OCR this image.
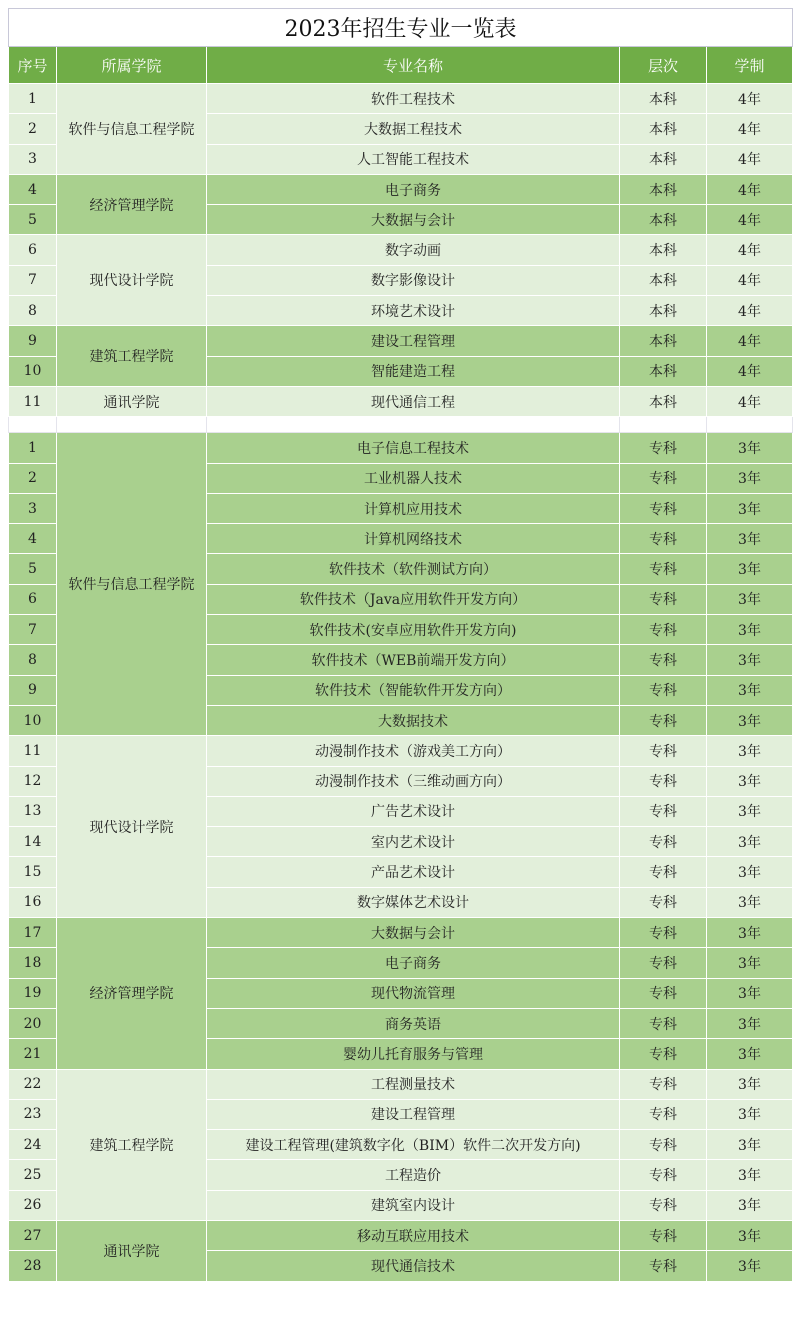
2023年招生专业一览表				
序号	所属学院	专业名称	层次	学制
1	软件与信息工程学院	软件工程技术	本科	4年
2		大数据工程技术	本科	4年
3		人工智能工程技术	本科	4年
4	经济管理学院	电子商务	本科	4年
5		大数据与会计	本科	4年
6	现代设计学院	数字动画	本科	4年
7		数字影像设计	本科	4年
8		环境艺术设计	本科	4年
9	建筑工程学院	建设工程管理	本科	4年
10		智能建造工程	本科	4年
11	通讯学院	现代通信工程	本科	4年

1	软件与信息工程学院	电子信息工程技术	专科	3年
2		工业机器人技术	专科	3年
3		计算机应用技术	专科	3年
4		计算机网络技术	专科	3年
5		软件技术（软件测试方向）	专科	3年
6		软件技术（Java应用软件开发方向）	专科	3年
7		软件技术(安卓应用软件开发方向)	专科	3年
8		软件技术（WEB前端开发方向）	专科	3年
9		软件技术（智能软件开发方向）	专科	3年
10		大数据技术	专科	3年
11	现代设计学院	动漫制作技术（游戏美工方向）	专科	3年
12		动漫制作技术（三维动画方向）	专科	3年
13		广告艺术设计	专科	3年
14		室内艺术设计	专科	3年
15		产品艺术设计	专科	3年
16		数字媒体艺术设计	专科	3年
17	经济管理学院	大数据与会计	专科	3年
18		电子商务	专科	3年
19		现代物流管理	专科	3年
20		商务英语	专科	3年
21		婴幼儿托育服务与管理	专科	3年
22	建筑工程学院	工程测量技术	专科	3年
23		建设工程管理	专科	3年
24		建设工程管理(建筑数字化（BIM）软件二次开发方向)	专科	3年
25		工程造价	专科	3年
26		建筑室内设计	专科	3年
27	通讯学院	移动互联应用技术	专科	3年
28		现代通信技术	专科	3年
